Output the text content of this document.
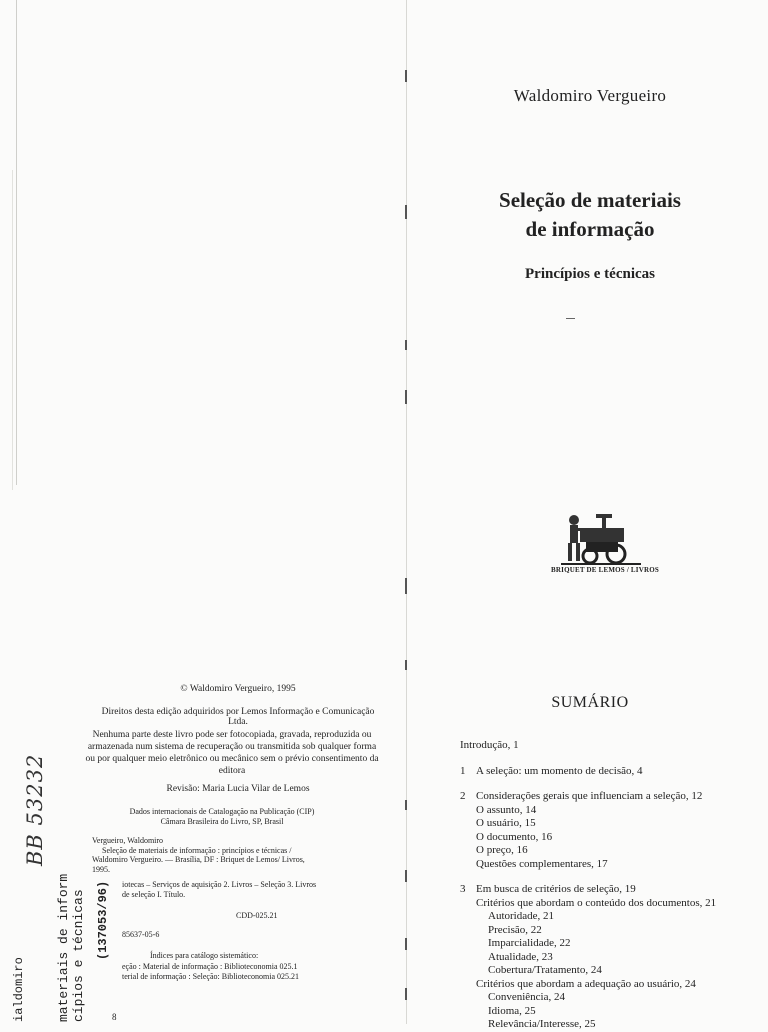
Waldomiro Vergueiro
Seleção de materiais
de informação
Princípios e técnicas
BRIQUET DE LEMOS / LIVROS
© Waldomiro Vergueiro, 1995
Direitos desta edição adquiridos por Lemos Informação e Comunicação Ltda.
Nenhuma parte deste livro pode ser fotocopiada, gravada, reproduzida ou
armazenada num sistema de recuperação ou transmitida sob qualquer forma
ou por qualquer meio eletrônico ou mecânico sem o prévio consentimento da
editora
Revisão: Maria Lucia Vilar de Lemos
Dados internacionais de Catalogação na Publicação (CIP)
Câmara Brasileira do Livro, SP, Brasil
Vergueiro, Waldomiro
Seleção de materiais de informação : princípios e técnicas /
Waldomiro Vergueiro. — Brasília, DF : Briquet de Lemos/ Livros,
1995.
iotecas – Serviços de aquisição 2. Livros – Seleção 3. Livros
de seleção I. Título.
CDD-025.21
85637-05-6
Índices para catálogo sistemático:
eção : Material de informação : Biblioteconomia 025.1
terial de informação : Seleção: Biblioteconomia 025.21
8
ialdomiro materiais de inform cípios e técnicas (137053/96)
BB 53232
SUMÁRIO
Introdução, 1
1 A seleção: um momento de decisão, 4
2 Considerações gerais que influenciam a seleção, 12
O assunto, 14
O usuário, 15
O documento, 16
O preço, 16
Questões complementares, 17
3 Em busca de critérios de seleção, 19
Critérios que abordam o conteúdo dos documentos, 21
Autoridade, 21
Precisão, 22
Imparcialidade, 22
Atualidade, 23
Cobertura/Tratamento, 24
Critérios que abordam a adequação ao usuário, 24
Conveniência, 24
Idioma, 25
Relevância/Interesse, 25
